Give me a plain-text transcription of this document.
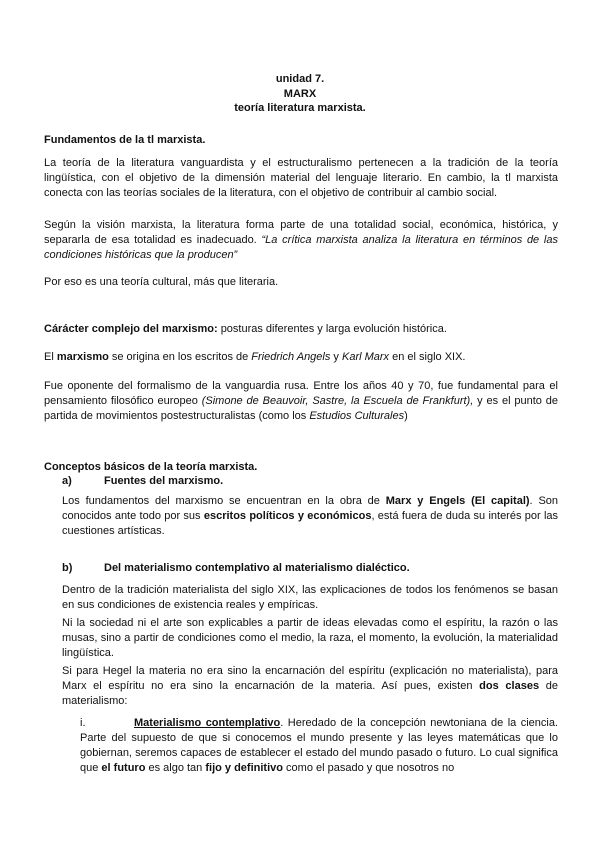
unidad 7.
MARX
teoría literatura marxista.
Fundamentos de la tl marxista.
La teoría de la literatura vanguardista y el estructuralismo pertenecen a la tradición de la teoría lingüística, con el objetivo de la dimensión material del lenguaje literario. En cambio, la tl marxista conecta con las teorías sociales de la literatura, con el objetivo de contribuir al cambio social.
Según la visión marxista, la literatura forma parte de una totalidad social, económica, histórica, y separarla de esa totalidad es inadecuado. “La crítica marxista analiza la literatura en términos de las condiciones históricas que la producen”
Por eso es una teoría cultural, más que literaria.
Cárácter complejo del marxismo: posturas diferentes y larga evolución histórica.
El marxismo se origina en los escritos de Friedrich Angels y Karl Marx en el siglo XIX.
Fue oponente del formalismo de la vanguardia rusa. Entre los años 40 y 70, fue fundamental para el pensamiento filosófico europeo (Simone de Beauvoir, Sastre, la Escuela de Frankfurt), y es el punto de partida de movimientos postestructuralistas (como los Estudios Culturales)
Conceptos básicos de la teoría marxista.
a)	Fuentes del marxismo.
Los fundamentos del marxismo se encuentran en la obra de Marx y Engels (El capital). Son conocidos ante todo por sus escritos políticos y económicos, está fuera de duda su interés por las cuestiones artísticas.
b)	Del materialismo contemplativo al materialismo dialéctico.
Dentro de la tradición materialista del siglo XIX, las explicaciones de todos los fenómenos se basan en sus condiciones de existencia reales y empíricas.
Ni la sociedad ni el arte son explicables a partir de ideas elevadas como el espíritu, la razón o las musas, sino a partir de condiciones como el medio, la raza, el momento, la evolución, la materialidad lingüística.
Si para Hegel la materia no era sino la encarnación del espíritu (explicación no materialista), para Marx el espíritu no era sino la encarnación de la materia. Así pues, existen dos clases de materialismo:
i.	Materialismo contemplativo. Heredado de la concepción newtoniana de la ciencia. Parte del supuesto de que si conocemos el mundo presente y las leyes matemáticas que lo gobiernan, seremos capaces de establecer el estado del mundo pasado o futuro. Lo cual significa que el futuro es algo tan fijo y definitivo como el pasado y que nosotros no
